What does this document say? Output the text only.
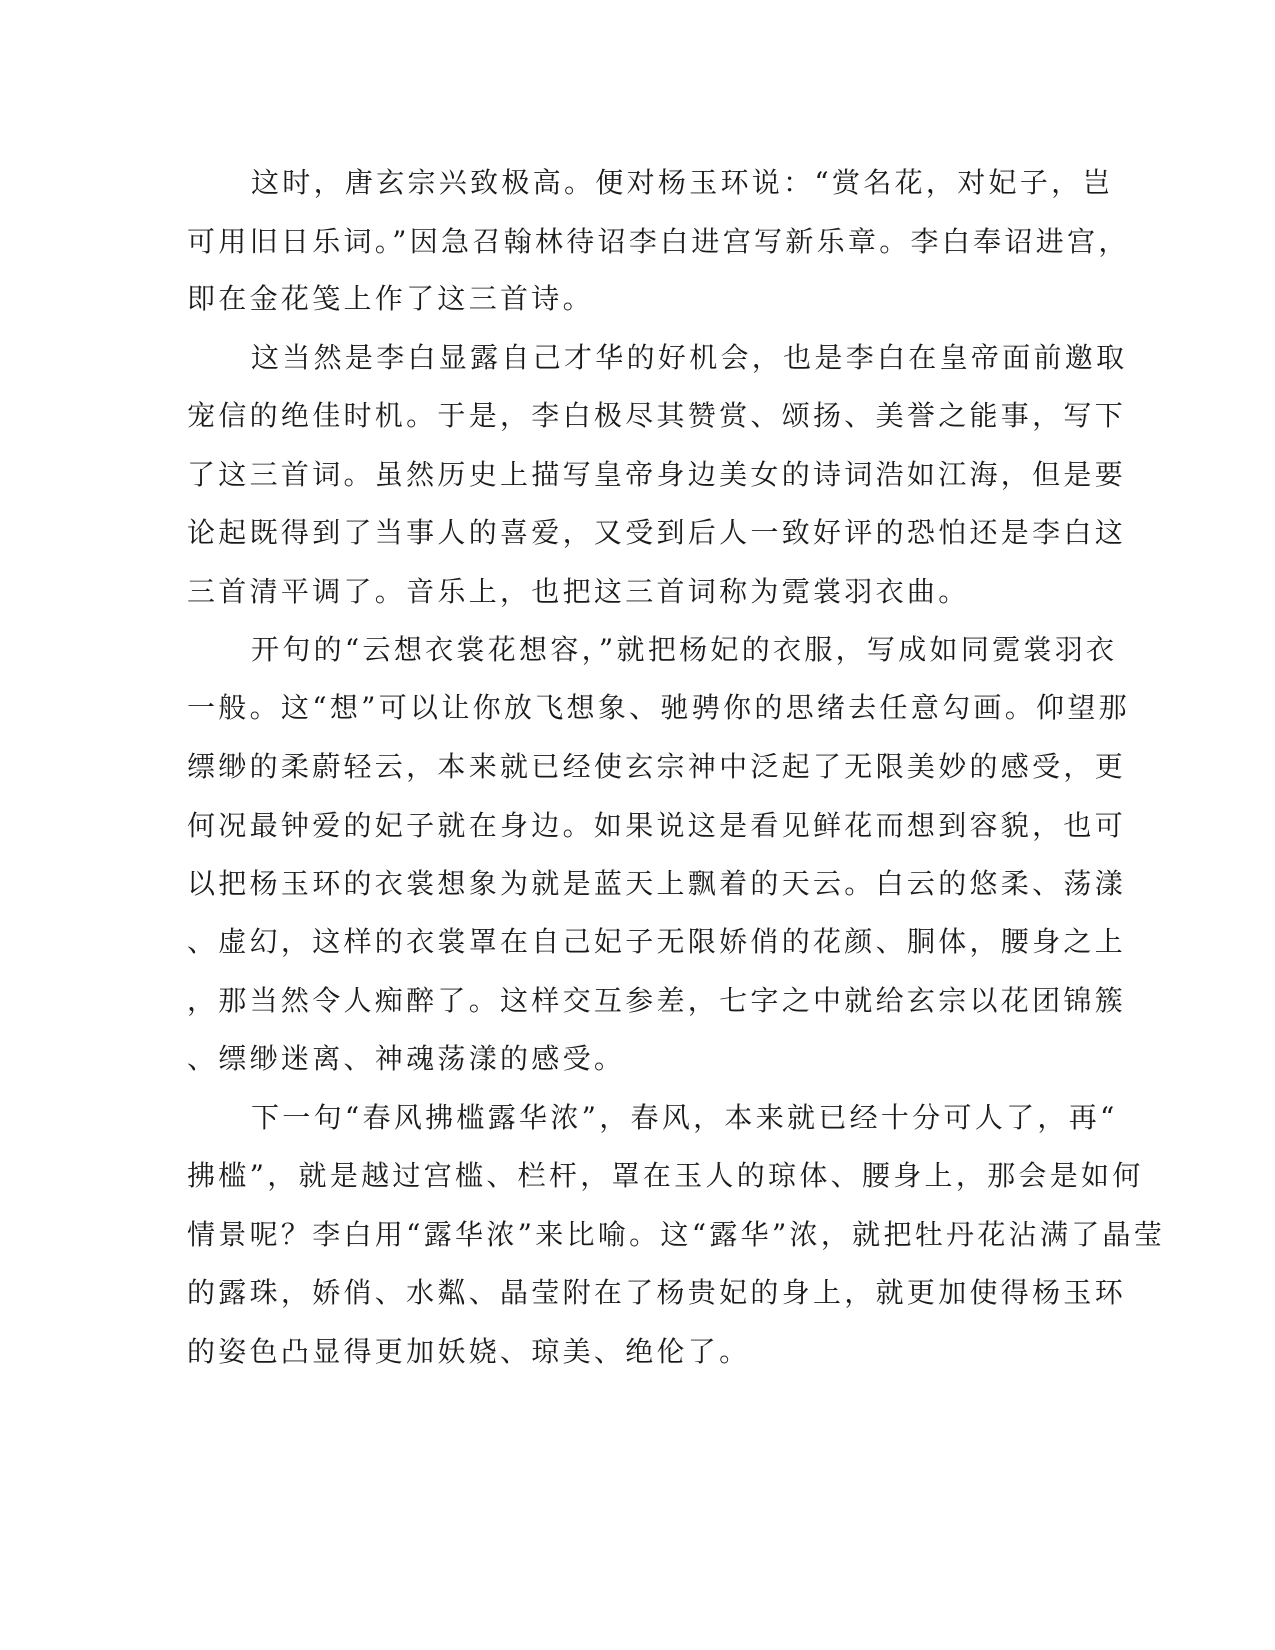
这时，唐玄宗兴致极高。便对杨玉环说：“赏名花，对妃子，岂
可用旧日乐词。”因急召翰林待诏李白进宫写新乐章。李白奉诏进宫，
即在金花笺上作了这三首诗。
这当然是李白显露自己才华的好机会，也是李白在皇帝面前邀取
宠信的绝佳时机。于是，李白极尽其赞赏、颂扬、美誉之能事，写下
了这三首词。虽然历史上描写皇帝身边美女的诗词浩如江海，但是要
论起既得到了当事人的喜爱，又受到后人一致好评的恐怕还是李白这
三首清平调了。音乐上，也把这三首词称为霓裳羽衣曲。
开句的“云想衣裳花想容，”就把杨妃的衣服，写成如同霓裳羽衣
一般。这“想”可以让你放飞想象、驰骋你的思绪去任意勾画。仰望那
缥缈的柔蔚轻云，本来就已经使玄宗神中泛起了无限美妙的感受，更
何况最钟爱的妃子就在身边。如果说这是看见鲜花而想到容貌，也可
以把杨玉环的衣裳想象为就是蓝天上飘着的天云。白云的悠柔、荡漾
、虚幻，这样的衣裳罩在自己妃子无限娇俏的花颜、胴体，腰身之上
，那当然令人痴醉了。这样交互参差，七字之中就给玄宗以花团锦簇
、缥缈迷离、神魂荡漾的感受。
下一句“春风拂槛露华浓”，春风，本来就已经十分可人了，再“
拂槛”，就是越过宫槛、栏杆，罩在玉人的琼体、腰身上，那会是如何
情景呢？李白用“露华浓”来比喻。这“露华”浓，就把牡丹花沾满了晶莹
的露珠，娇俏、水粼、晶莹附在了杨贵妃的身上，就更加使得杨玉环
的姿色凸显得更加妖娆、琼美、绝伦了。
